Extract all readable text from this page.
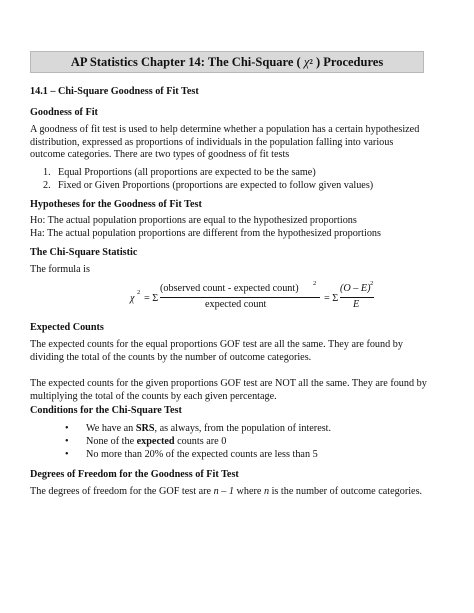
AP Statistics Chapter 14: The Chi-Square (
χ 2
) Procedures
14.1 – Chi-Square Goodness of Fit Test
Goodness of Fit
A goodness of fit test is used to help determine whether a population has a certain hypothesized
distribution, expressed as proportions of individuals in the population falling into various
outcome categories. There are two types of goodness of fit tests
1. Equal Proportions (all proportions are expected to be the same)
2. Fixed or Given Proportions (proportions are expected to follow given values)
Hypotheses for the Goodness of Fit Test
Ho: The actual population proportions are equal to the hypothesized proportions
Ha: The actual population proportions are different from the hypothesized proportions
The Chi-Square Statistic
The formula is
χ
2
= Σ
(observed count - expected count) 2
expected count
= Σ
(O – E) 2
E
Expected Counts
The expected counts for the equal proportions GOF test are all the same. They are found by
dividing the total of the counts by the number of outcome categories.
The expected counts for the given proportions GOF test are NOT all the same. They are found by
multiplying the total of the counts by each given percentage.
Conditions for the Chi-Square Test
• We have an SRS, as always, from the population of interest.
• None of the expected counts are 0
• No more than 20% of the expected counts are less than 5
Degrees of Freedom for the Goodness of Fit Test
The degrees of freedom for the GOF test are n – 1 where n is the number of outcome categories.
